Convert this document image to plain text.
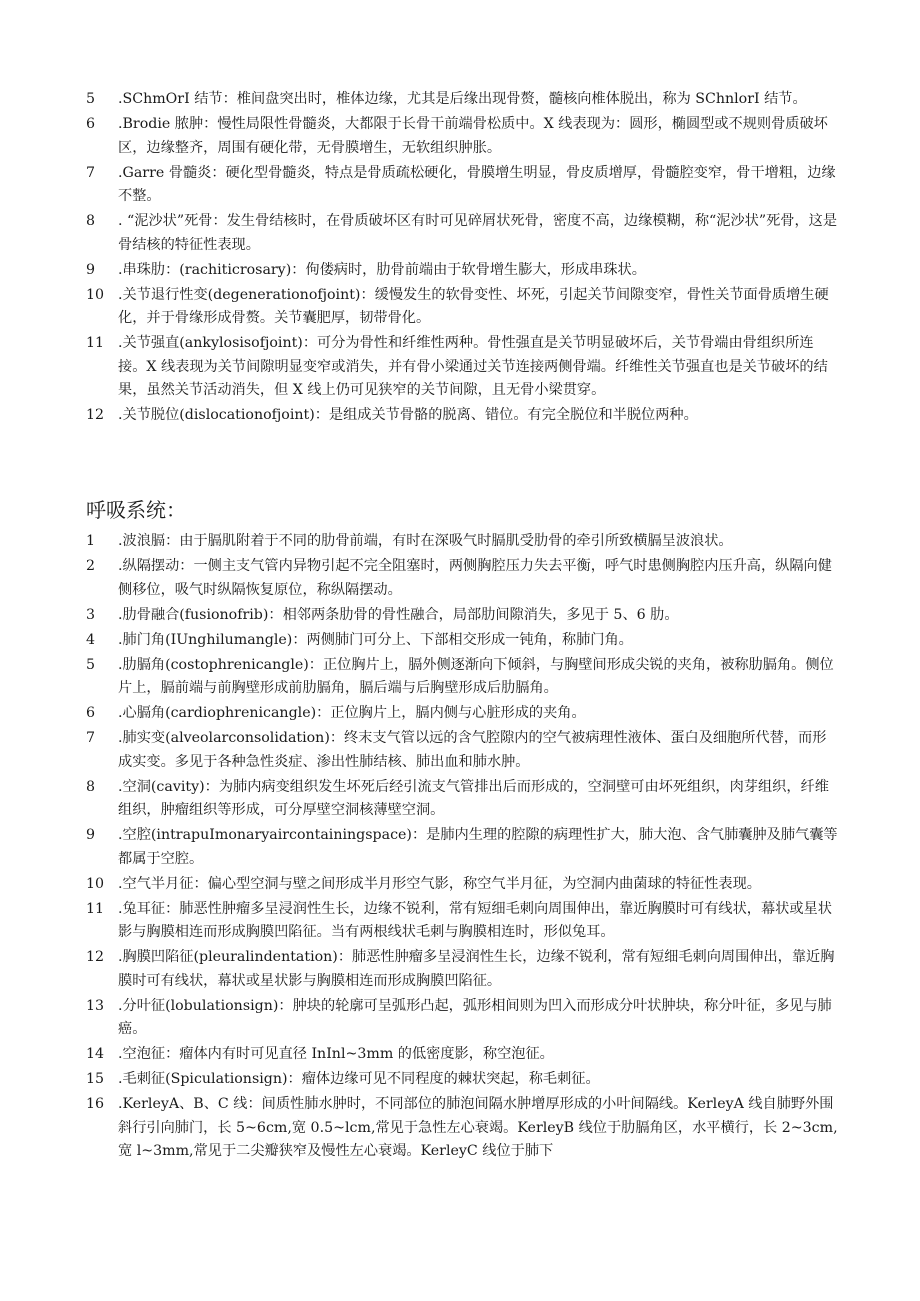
5	.SChmOrI 结节：椎间盘突出时，椎体边缘，尤其是后缘出现骨赘，髓核向椎体脱出，称为 SChnlorI 结节。
6	.Brodie 脓肿：慢性局限性骨髓炎，大都限于长骨干前端骨松质中。X 线表现为：圆形，椭圆型或不规则骨质破坏区，边缘整齐，周围有硬化带，无骨膜增生，无软组织肿胀。
7	.Garre 骨髓炎：硬化型骨髓炎，特点是骨质疏松硬化，骨膜增生明显，骨皮质增厚，骨髓腔变窄，骨干增粗，边缘不整。
8	. “泥沙状”死骨：发生骨结核时，在骨质破坏区有时可见碎屑状死骨，密度不高，边缘模糊，称“泥沙状”死骨，这是骨结核的特征性表现。
9	.串珠肋：(rachiticrosary)：佝偻病时，肋骨前端由于软骨增生膨大，形成串珠状。
10 .关节退行性变(degenerationofjoint)：缓慢发生的软骨变性、坏死，引起关节间隙变窄，骨性关节面骨质增生硬化，并于骨缘形成骨赘。关节囊肥厚，韧带骨化。
11 .关节强直(ankylosisofjoint)：可分为骨性和纤维性两种。骨性强直是关节明显破坏后，关节骨端由骨组织所连接。X 线表现为关节间隙明显变窄或消失，并有骨小梁通过关节连接两侧骨端。纤维性关节强直也是关节破坏的结果，虽然关节活动消失，但 X 线上仍可见狭窄的关节间隙，且无骨小梁贯穿。
12 .关节脱位(dislocationofjoint)：是组成关节骨骼的脱离、错位。有完全脱位和半脱位两种。
呼吸系统：
1	.波浪膈：由于膈肌附着于不同的肋骨前端，有时在深吸气时膈肌受肋骨的牵引所致横膈呈波浪状。
2	.纵隔摆动：一侧主支气管内异物引起不完全阻塞时，两侧胸腔压力失去平衡，呼气时患侧胸腔内压升高，纵隔向健侧移位，吸气时纵隔恢复原位，称纵隔摆动。
3	.肋骨融合(fusionofrib)：相邻两条肋骨的骨性融合，局部肋间隙消失，多见于 5、6 肋。
4	.肺门角(IUnghilumangle)：两侧肺门可分上、下部相交形成一钝角，称肺门角。
5	.肋膈角(costophrenicangle)：正位胸片上，膈外侧逐渐向下倾斜，与胸壁间形成尖锐的夹角，被称肋膈角。侧位片上，膈前端与前胸壁形成前肋膈角，膈后端与后胸壁形成后肋膈角。
6	.心膈角(cardiophrenicangle)：正位胸片上，膈内侧与心脏形成的夹角。
7	.肺实变(alveolarconsolidation)：终末支气管以远的含气腔隙内的空气被病理性液体、蛋白及细胞所代替，而形成实变。多见于各种急性炎症、渗出性肺结核、肺出血和肺水肿。
8	.空洞(cavity)：为肺内病变组织发生坏死后经引流支气管排出后而形成的，空洞壁可由坏死组织，肉芽组织，纤维组织，肿瘤组织等形成，可分厚壁空洞核薄壁空洞。
9	.空腔(intrapuImonaryaircontainingspace)：是肺内生理的腔隙的病理性扩大，肺大泡、含气肺囊肿及肺气囊等都属于空腔。
10 .空气半月征：偏心型空洞与壁之间形成半月形空气影，称空气半月征，为空洞内曲菌球的特征性表现。
11 .兔耳征：肺恶性肿瘤多呈浸润性生长，边缘不锐利，常有短细毛刺向周围伸出，靠近胸膜时可有线状，幕状或星状影与胸膜相连而形成胸膜凹陷征。当有两根线状毛刺与胸膜相连时，形似兔耳。
12 .胸膜凹陷征(pleuralindentation)：肺恶性肿瘤多呈浸润性生长，边缘不锐利，常有短细毛刺向周围伸出，靠近胸膜时可有线状，幕状或星状影与胸膜相连而形成胸膜凹陷征。
13 .分叶征(lobulationsign)：肿块的轮廓可呈弧形凸起，弧形相间则为凹入而形成分叶状肿块，称分叶征，多见与肺癌。
14 .空泡征：瘤体内有时可见直径 InInl~3mm 的低密度影，称空泡征。
15 .毛刺征(Spiculationsign)：瘤体边缘可见不同程度的棘状突起，称毛刺征。
16 .KerleyA、B、C 线：间质性肺水肿时，不同部位的肺泡间隔水肿增厚形成的小叶间隔线。KerleyA 线自肺野外围斜行引向肺门，长 5~6cm,宽 0.5~lcm,常见于急性左心衰竭。KerleyB 线位于肋膈角区，水平横行，长 2~3cm,宽 l~3mm,常见于二尖瓣狭窄及慢性左心衰竭。KerleyC 线位于肺下
